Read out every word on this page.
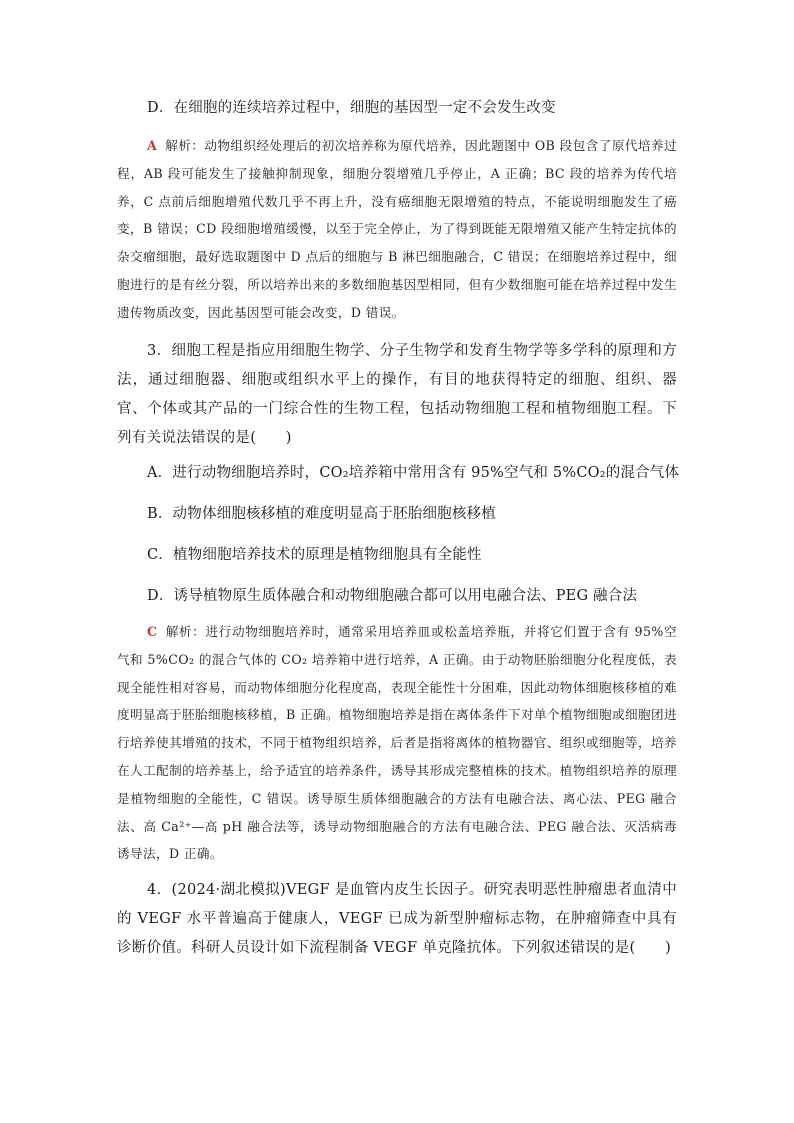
D．在细胞的连续培养过程中，细胞的基因型一定不会发生改变
A 解析：动物组织经处理后的初次培养称为原代培养，因此题图中 OB 段包含了原代培养过程，AB 段可能发生了接触抑制现象，细胞分裂增殖几乎停止，A 正确；BC 段的培养为传代培养，C 点前后细胞增殖代数几乎不再上升，没有癌细胞无限增殖的特点，不能说明细胞发生了癌变，B 错误；CD 段细胞增殖缓慢，以至于完全停止，为了得到既能无限增殖又能产生特定抗体的杂交瘤细胞，最好选取题图中 D 点后的细胞与 B 淋巴细胞融合，C 错误；在细胞培养过程中，细胞进行的是有丝分裂，所以培养出来的多数细胞基因型相同，但有少数细胞可能在培养过程中发生遗传物质改变，因此基因型可能会改变，D 错误。
3．细胞工程是指应用细胞生物学、分子生物学和发育生物学等多学科的原理和方法，通过细胞器、细胞或组织水平上的操作，有目的地获得特定的细胞、组织、器官、个体或其产品的一门综合性的生物工程，包括动物细胞工程和植物细胞工程。下列有关说法错误的是(　　)
A．进行动物细胞培养时，CO₂培养箱中常用含有 95%空气和 5%CO₂的混合气体
B．动物体细胞核移植的难度明显高于胚胎细胞核移植
C．植物细胞培养技术的原理是植物细胞具有全能性
D．诱导植物原生质体融合和动物细胞融合都可以用电融合法、PEG 融合法
C 解析：进行动物细胞培养时，通常采用培养皿或松盖培养瓶，并将它们置于含有 95%空气和 5%CO₂ 的混合气体的 CO₂ 培养箱中进行培养，A 正确。由于动物胚胎细胞分化程度低，表现全能性相对容易，而动物体细胞分化程度高，表现全能性十分困难，因此动物体细胞核移植的难度明显高于胚胎细胞核移植，B 正确。植物细胞培养是指在离体条件下对单个植物细胞或细胞团进行培养使其增殖的技术，不同于植物组织培养，后者是指将离体的植物器官、组织或细胞等，培养在人工配制的培养基上，给予适宜的培养条件，诱导其形成完整植株的技术。植物组织培养的原理是植物细胞的全能性，C 错误。诱导原生质体细胞融合的方法有电融合法、离心法、PEG 融合法、高 Ca²⁺—高 pH 融合法等，诱导动物细胞融合的方法有电融合法、PEG 融合法、灭活病毒诱导法，D 正确。
4．(2024·湖北模拟)VEGF 是血管内皮生长因子。研究表明恶性肿瘤患者血清中的 VEGF 水平普遍高于健康人，VEGF 已成为新型肿瘤标志物，在肿瘤筛查中具有诊断价值。科研人员设计如下流程制备 VEGF 单克隆抗体。下列叙述错误的是(　　)
